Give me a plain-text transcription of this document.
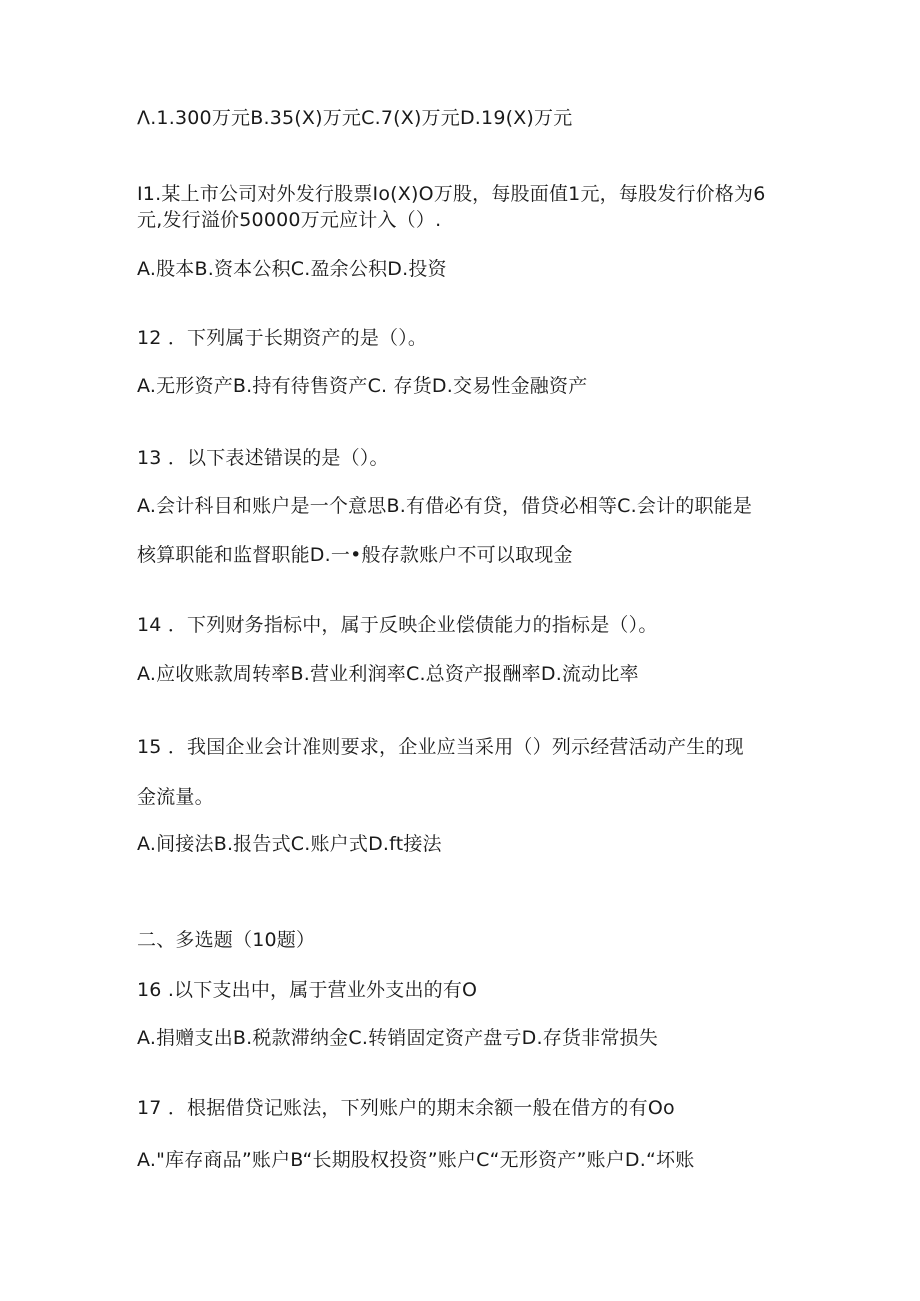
Λ.1.300万元B.35(X)万元C.7(X)万元D.19(X)万元
I1.某上市公司对外发行股票Io(X)O万股，每股面值1元，每股发行价格为6
元,发行溢价50000万元应计入（）.
A.股本B.资本公积C.盈余公积D.投资
12 ．下列属于长期资产的是（）。
A.无形资产B.持有待售资产C. 存货D.交易性金融资产
13 ．以下表述错误的是（）。
A.会计科目和账户是一个意思B.有借必有贷，借贷必相等C.会计的职能是
核算职能和监督职能D.一•般存款账户不可以取现金
14 ．下列财务指标中，属于反映企业偿债能力的指标是（）。
A.应收账款周转率B.营业利润率C.总资产报酬率D.流动比率
15 ．我国企业会计准则要求，企业应当采用（）列示经营活动产生的现
金流量。
A.间接法B.报告式C.账户式D.ft接法
二、多选题（10题）
16 .以下支出中，属于营业外支出的有O
A.捐赠支出B.税款滞纳金C.转销固定资产盘亏D.存货非常损失
17 ．根据借贷记账法，下列账户的期末余额一般在借方的有Oo
A."库存商品”账户B“长期股权投资”账户C“无形资产”账户D.“坏账
